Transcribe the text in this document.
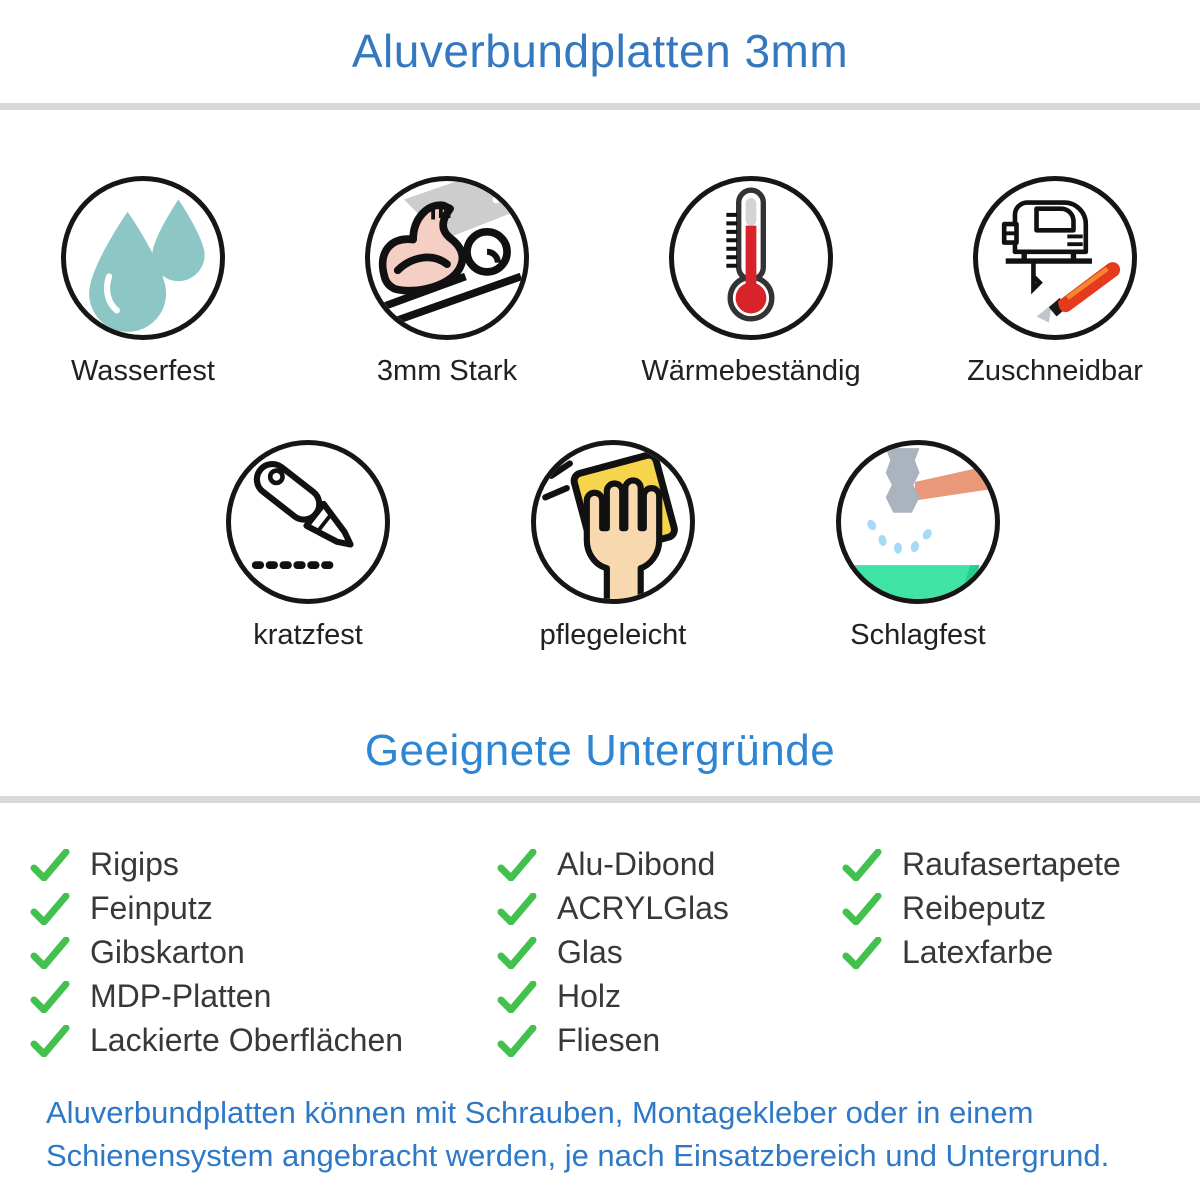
Aluverbundplatten 3mm
Wasserfest	3mm Stark	Wärmebeständig	Zuschneidbar
kratzfest	pflegeleicht	Schlagfest
Geeignete Untergründe
Rigips
Feinputz
Gibskarton
MDP-Platten
Lackierte Oberflächen
Alu-Dibond
ACRYLGlas
Glas
Holz
Fliesen
Raufasertapete
Reibeputz
Latexfarbe
Aluverbundplatten können mit Schrauben, Montagekleber oder in einem
Schienensystem angebracht werden, je nach Einsatzbereich und Untergrund.
